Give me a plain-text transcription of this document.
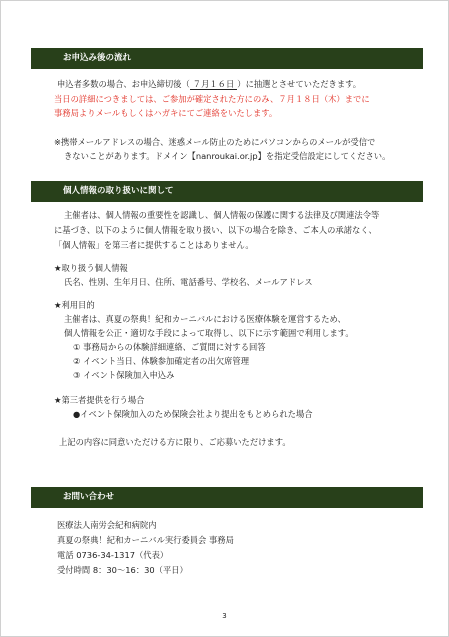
お申込み後の流れ
申込者多数の場合、お申込締切後（ ７月１６日 ）に抽選とさせていただきます。
当日の詳細につきましては、ご参加が確定された方にのみ、７月１８日（木）までに
事務局よりメールもしくはハガキにてご連絡をいたします。
※携帯メールアドレスの場合、迷惑メール防止のためにパソコンからのメールが受信で
きないことがあります。ドメイン【nanroukai.or.jp】を指定受信設定にしてください。
個人情報の取り扱いに関して
主催者は、個人情報の重要性を認識し、個人情報の保護に関する法律及び関連法令等
に基づき、以下のように個人情報を取り扱い、以下の場合を除き、ご本人の承諾なく、
「個人情報」を第三者に提供することはありません。
★取り扱う個人情報
氏名、性別、生年月日、住所、電話番号、学校名、メールアドレス
★利用目的
主催者は、真夏の祭典！紀和カーニバルにおける医療体験を運営するため、
個人情報を公正・適切な手段によって取得し、以下に示す範囲で利用します。
① 事務局からの体験詳細連絡、ご質問に対する回答
② イベント当日、体験参加確定者の出欠席管理
③ イベント保険加入申込み
★第三者提供を行う場合
●イベント保険加入のため保険会社より提出をもとめられた場合
上記の内容に同意いただける方に限り、ご応募いただけます。
お問い合わせ
医療法人南労会紀和病院内
真夏の祭典！紀和カーニバル実行委員会 事務局
電話 0736-34-1317（代表）
受付時間 8：30〜16：30（平日）
3
